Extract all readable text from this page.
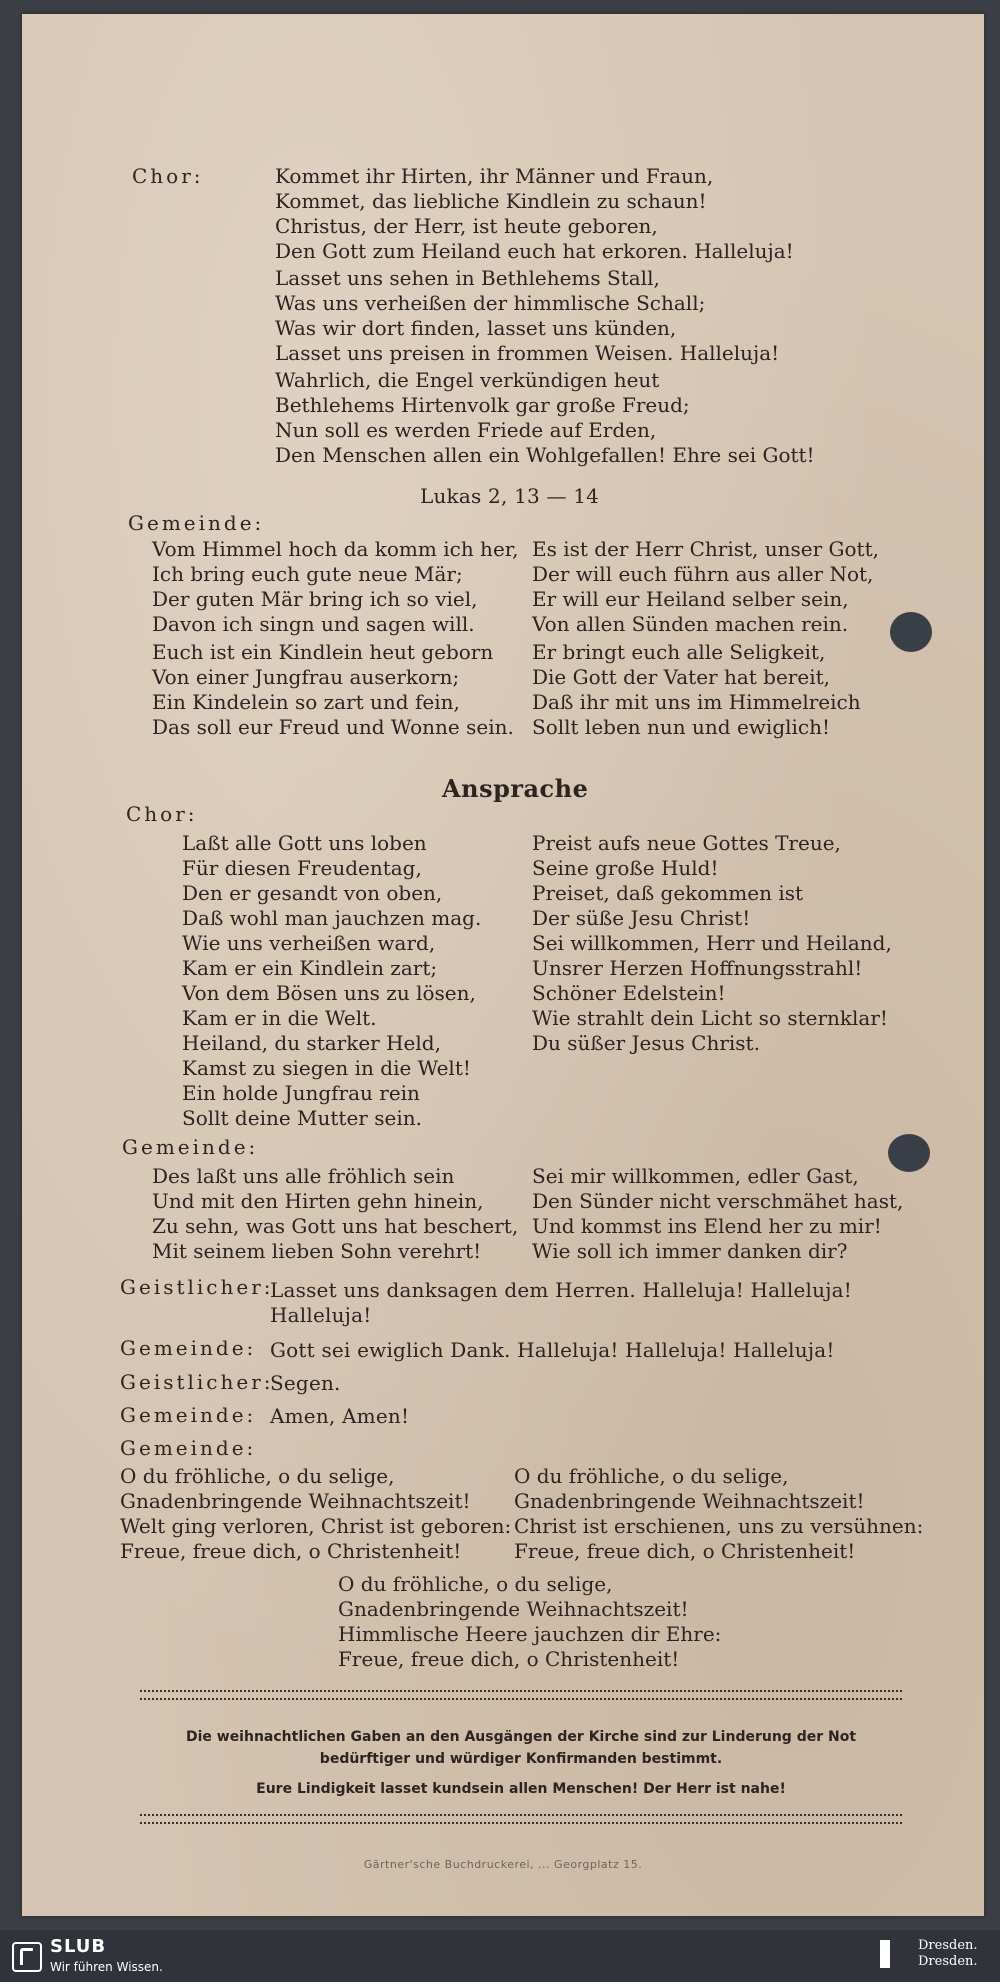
Chor:	Kommet ihr Hirten, ihr Männer und Fraun,
Kommet, das liebliche Kindlein zu schaun!
Christus, der Herr, ist heute geboren,
Den Gott zum Heiland euch hat erkoren. Halleluja!
Lasset uns sehen in Bethlehems Stall,
Was uns verheißen der himmlische Schall;
Was wir dort finden, lasset uns künden,
Lasset uns preisen in frommen Weisen. Halleluja!
Wahrlich, die Engel verkündigen heut
Bethlehems Hirtenvolk gar große Freud;
Nun soll es werden Friede auf Erden,
Den Menschen allen ein Wohlgefallen! Ehre sei Gott!
Lukas 2, 13 — 14
Gemeinde:
Vom Himmel hoch da komm ich her,
Ich bring euch gute neue Mär;
Der guten Mär bring ich so viel,
Davon ich singn und sagen will.
Es ist der Herr Christ, unser Gott,
Der will euch führn aus aller Not,
Er will eur Heiland selber sein,
Von allen Sünden machen rein.
Euch ist ein Kindlein heut geborn
Von einer Jungfrau auserkorn;
Ein Kindelein so zart und fein,
Das soll eur Freud und Wonne sein.
Er bringt euch alle Seligkeit,
Die Gott der Vater hat bereit,
Daß ihr mit uns im Himmelreich
Sollt leben nun und ewiglich!
Ansprache
Chor:
Laßt alle Gott uns loben
Für diesen Freudentag,
Den er gesandt von oben,
Daß wohl man jauchzen mag.
Wie uns verheißen ward,
Kam er ein Kindlein zart;
Von dem Bösen uns zu lösen,
Kam er in die Welt.
Heiland, du starker Held,
Kamst zu siegen in die Welt!
Ein holde Jungfrau rein
Sollt deine Mutter sein.
Preist aufs neue Gottes Treue,
Seine große Huld!
Preiset, daß gekommen ist
Der süße Jesu Christ!
Sei willkommen, Herr und Heiland,
Unsrer Herzen Hoffnungsstrahl!
Schöner Edelstein!
Wie strahlt dein Licht so sternklar!
Du süßer Jesus Christ.
Gemeinde:
Des laßt uns alle fröhlich sein
Und mit den Hirten gehn hinein,
Zu sehn, was Gott uns hat beschert,
Mit seinem lieben Sohn verehrt!
Sei mir willkommen, edler Gast,
Den Sünder nicht verschmähet hast,
Und kommst ins Elend her zu mir!
Wie soll ich immer danken dir?
Geistlicher:
Lasset uns danksagen dem Herren. Halleluja! Halleluja!
Halleluja!
Gemeinde: Gott sei ewiglich Dank. Halleluja! Halleluja! Halleluja!
Geistlicher:
Segen.
Gemeinde: Amen, Amen!
Gemeinde:
O du fröhliche, o du selige,
Gnadenbringende Weihnachtszeit!
Welt ging verloren, Christ ist geboren:
Freue, freue dich, o Christenheit!
O du fröhliche, o du selige,
Gnadenbringende Weihnachtszeit!
Christ ist erschienen, uns zu versühnen:
Freue, freue dich, o Christenheit!
O du fröhliche, o du selige,
Gnadenbringende Weihnachtszeit!
Himmlische Heere jauchzen dir Ehre:
Freue, freue dich, o Christenheit!
Die weihnachtlichen Gaben an den Ausgängen der Kirche sind zur Linderung der Not
bedürftiger und würdiger Konfirmanden bestimmt.
Eure Lindigkeit lasset kundsein allen Menschen! Der Herr ist nahe!
Gärtner'sche Buchdruckerei, ... Georgplatz 15.
SLUB
Wir führen Wissen.
Dresden.
Dresden.
